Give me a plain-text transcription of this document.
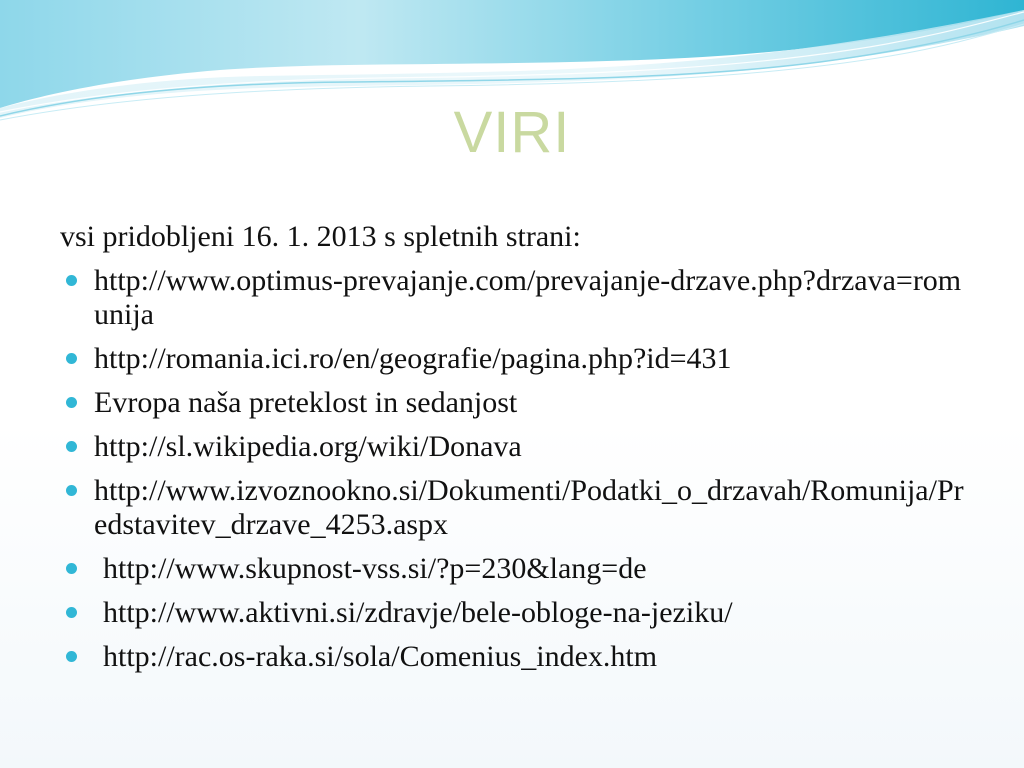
VIRI

vsi pridobljeni 16. 1. 2013 s spletnih strani:

http://www.optimus-prevajanje.com/prevajanje-drzave.php?drzava=romunija
http://romania.ici.ro/en/geografie/pagina.php?id=431
Evropa naša preteklost in sedanjost
http://sl.wikipedia.org/wiki/Donava
http://www.izvoznookno.si/Dokumenti/Podatki_o_drzavah/Romunija/Predstavitev_drzave_4253.aspx
http://www.skupnost-vss.si/?p=230&lang=de
http://www.aktivni.si/zdravje/bele-obloge-na-jeziku/
http://rac.os-raka.si/sola/Comenius_index.htm
